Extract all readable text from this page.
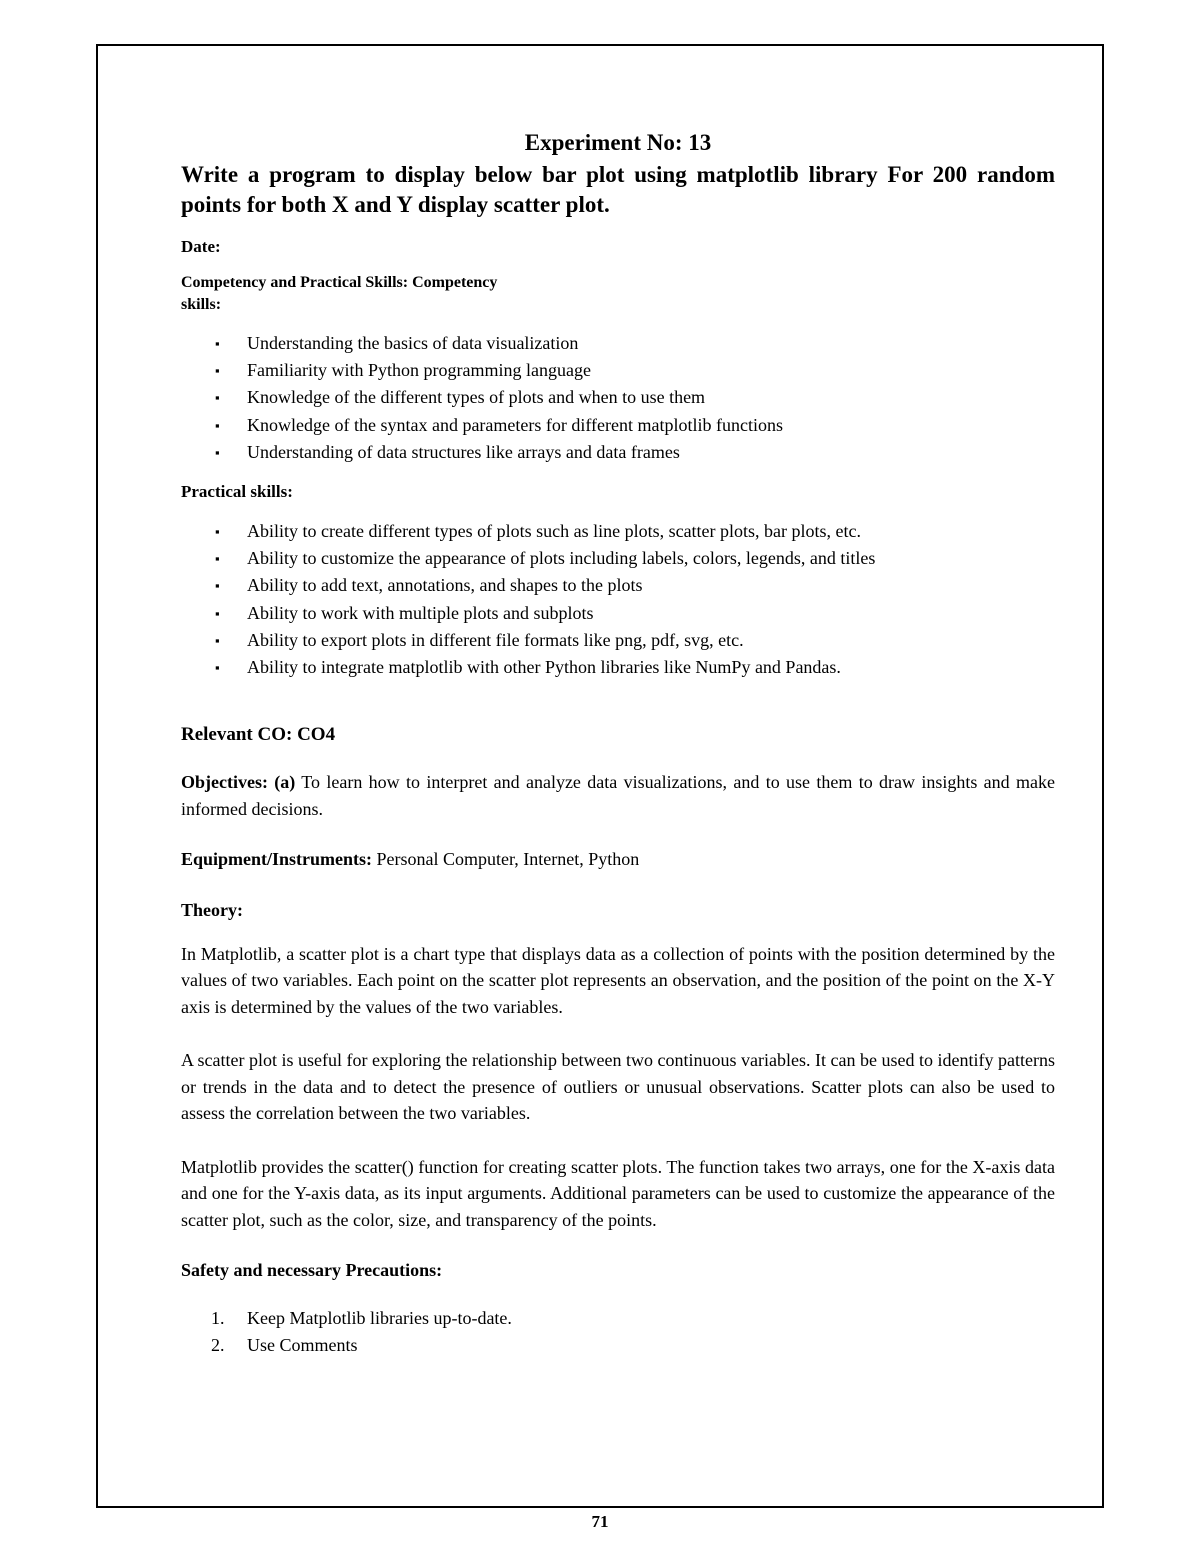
Experiment No: 13

Write a program to display below bar plot using matplotlib library For 200 random points for both X and Y display scatter plot.

Date:

Competency and Practical Skills: Competency
skills:
▪ Understanding the basics of data visualization
▪ Familiarity with Python programming language
▪ Knowledge of the different types of plots and when to use them
▪ Knowledge of the syntax and parameters for different matplotlib functions
▪ Understanding of data structures like arrays and data frames

Practical skills:

▪ Ability to create different types of plots such as line plots, scatter plots, bar plots, etc.
▪ Ability to customize the appearance of plots including labels, colors, legends, and titles
▪ Ability to add text, annotations, and shapes to the plots
▪ Ability to work with multiple plots and subplots
▪ Ability to export plots in different file formats like png, pdf, svg, etc.
▪ Ability to integrate matplotlib with other Python libraries like NumPy and Pandas.

Relevant CO: CO4

Objectives: (a) To learn how to interpret and analyze data visualizations, and to use them to draw insights and make informed decisions.

Equipment/Instruments: Personal Computer, Internet, Python

Theory:

In Matplotlib, a scatter plot is a chart type that displays data as a collection of points with the position determined by the values of two variables. Each point on the scatter plot represents an observation, and the position of the point on the X-Y axis is determined by the values of the two variables.

A scatter plot is useful for exploring the relationship between two continuous variables. It can be used to identify patterns or trends in the data and to detect the presence of outliers or unusual observations. Scatter plots can also be used to assess the correlation between the two variables.

Matplotlib provides the scatter() function for creating scatter plots. The function takes two arrays, one for the X-axis data and one for the Y-axis data, as its input arguments. Additional parameters can be used to customize the appearance of the scatter plot, such as the color, size, and transparency of the points.

Safety and necessary Precautions:

1. Keep Matplotlib libraries up-to-date.
2. Use Comments
71
